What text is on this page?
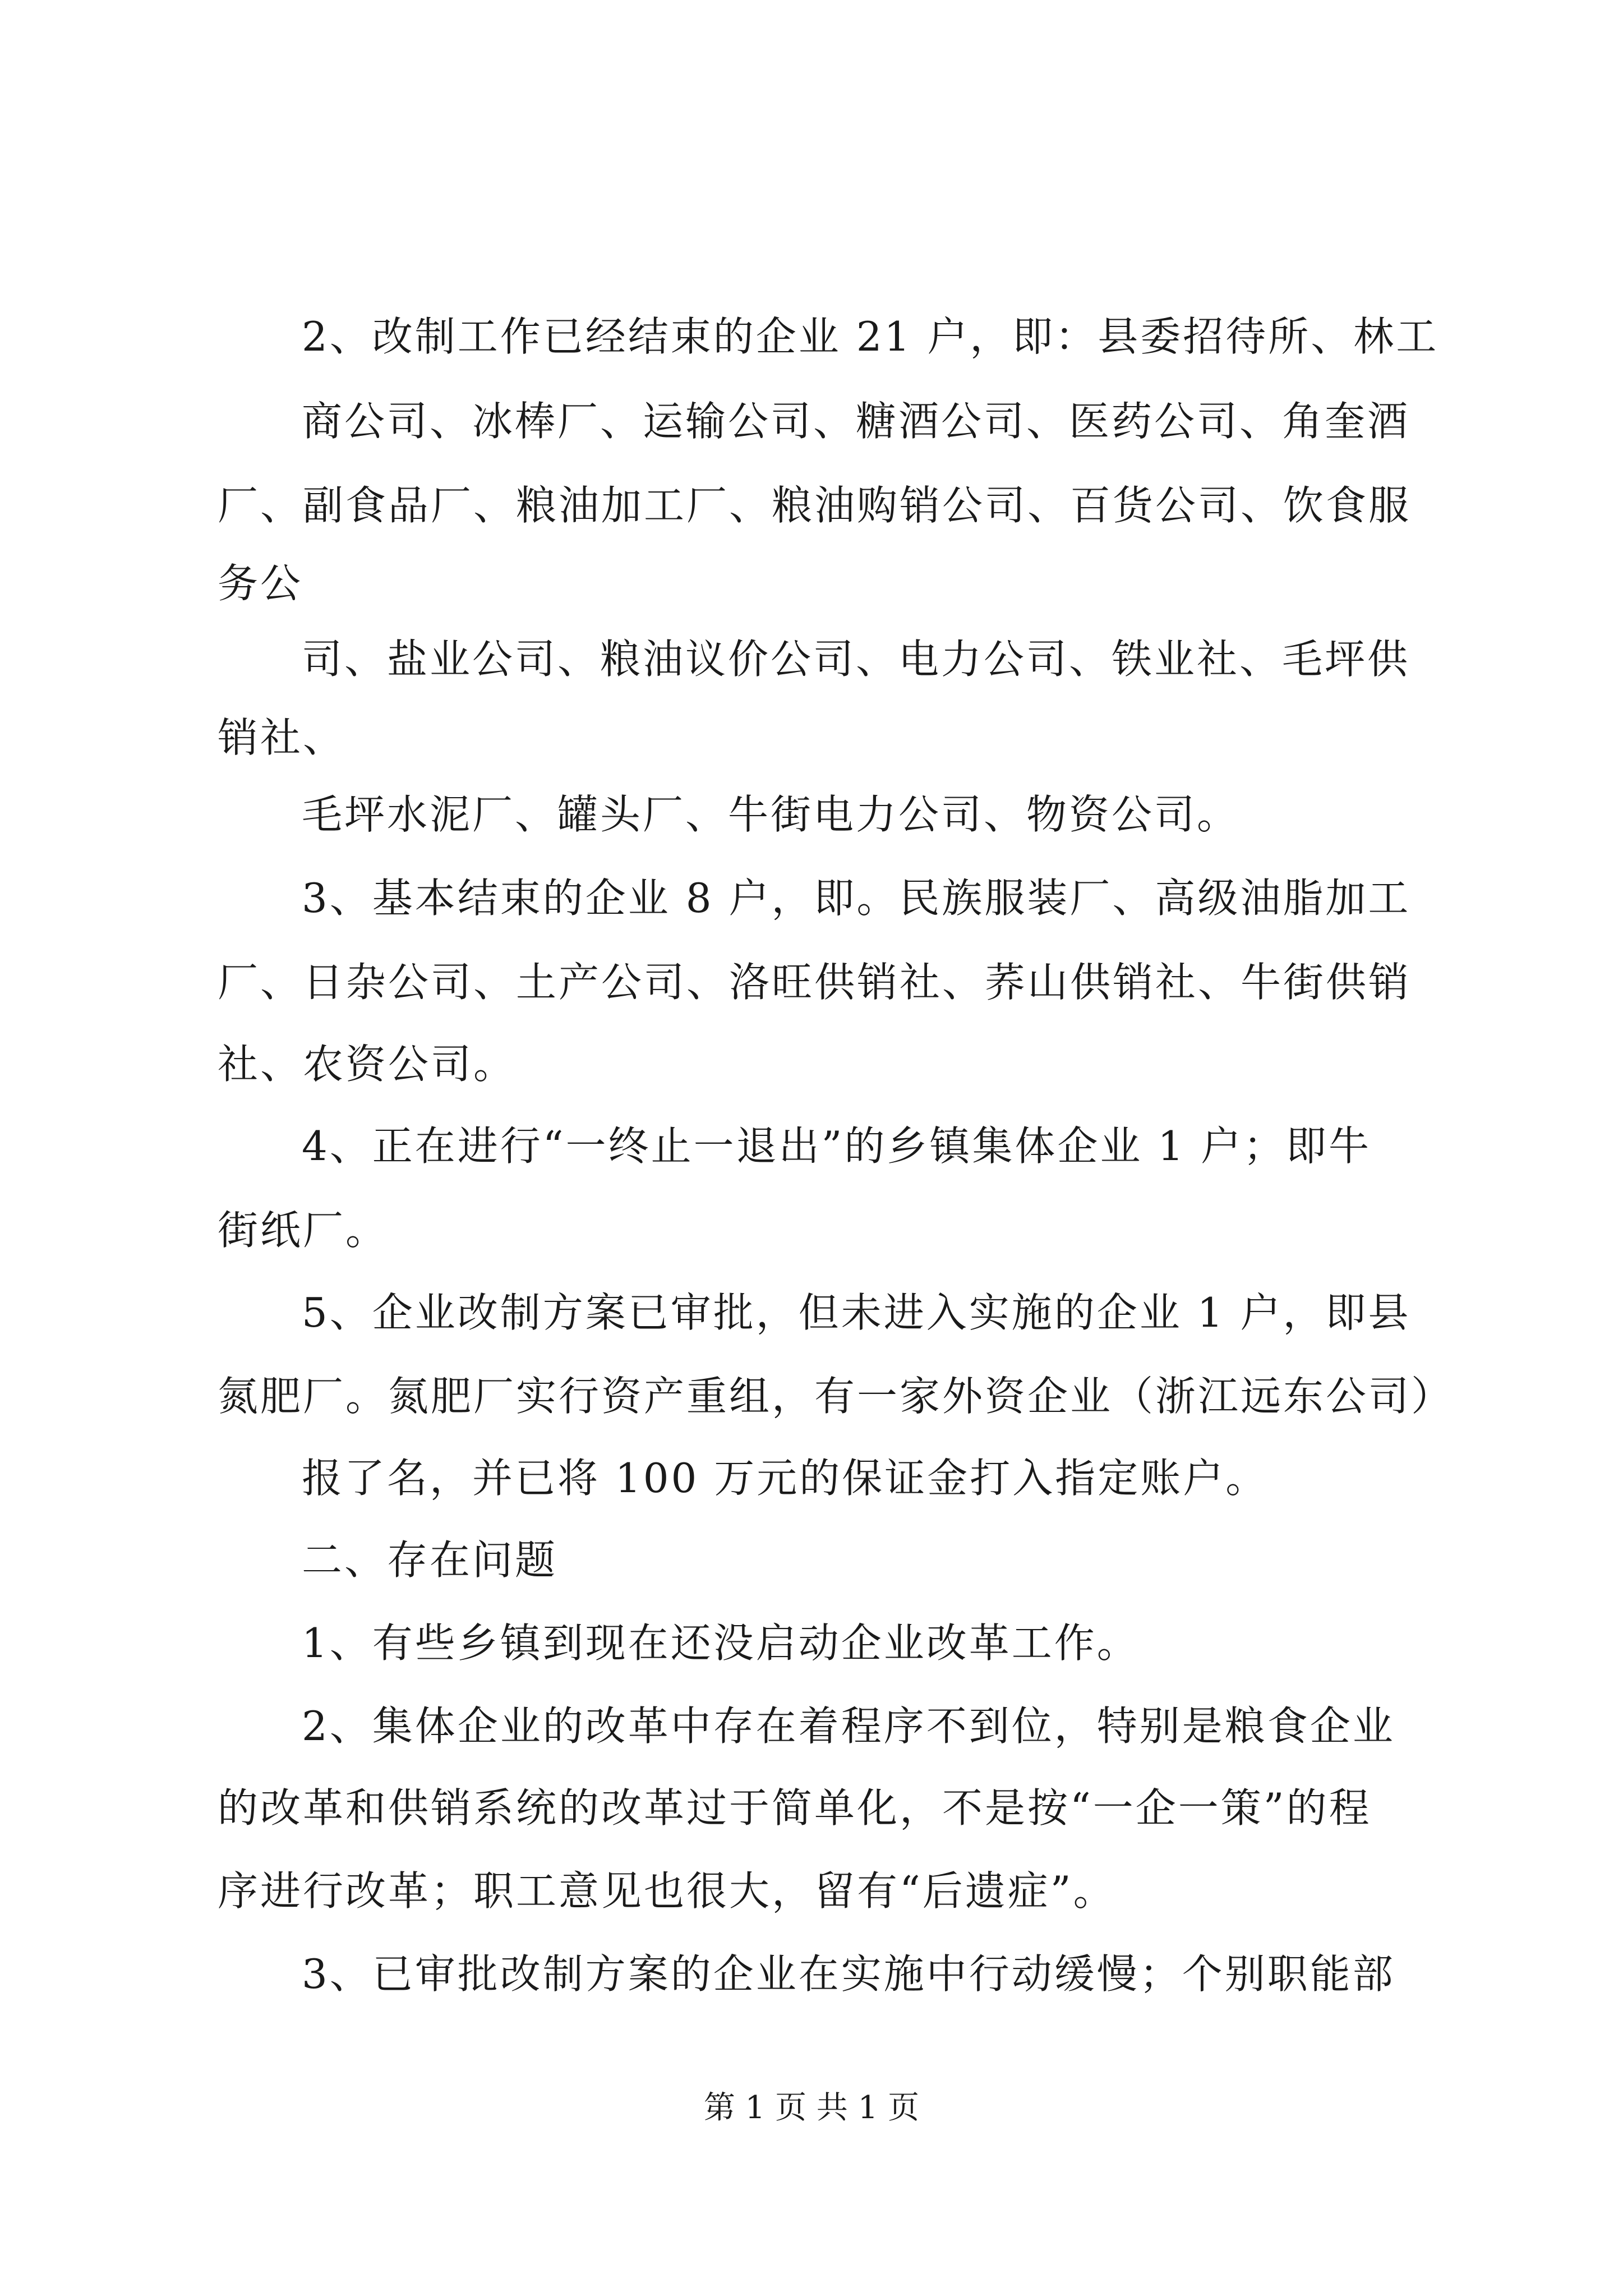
2、改制工作已经结束的企业 21 户，即：县委招待所、林工
商公司、冰棒厂、运输公司、糖酒公司、医药公司、角奎酒
厂、副食品厂、粮油加工厂、粮油购销公司、百货公司、饮食服
务公
司、盐业公司、粮油议价公司、电力公司、铁业社、毛坪供
销社、
毛坪水泥厂、罐头厂、牛街电力公司、物资公司。
3、基本结束的企业 8 户，即。民族服装厂、高级油脂加工
厂、日杂公司、土产公司、洛旺供销社、荞山供销社、牛街供销
社、农资公司。
4、正在进行“一终止一退出”的乡镇集体企业 1 户；即牛
街纸厂。
5、企业改制方案已审批，但未进入实施的企业 1 户，即县
氮肥厂。氮肥厂实行资产重组，有一家外资企业（浙江远东公司）
报了名，并已将 100 万元的保证金打入指定账户。
二、存在问题
1、有些乡镇到现在还没启动企业改革工作。
2、集体企业的改革中存在着程序不到位，特别是粮食企业
的改革和供销系统的改革过于简单化，不是按“一企一策”的程
序进行改革；职工意见也很大，留有“后遗症”。
3、已审批改制方案的企业在实施中行动缓慢；个别职能部
第 1 页 共 1 页
